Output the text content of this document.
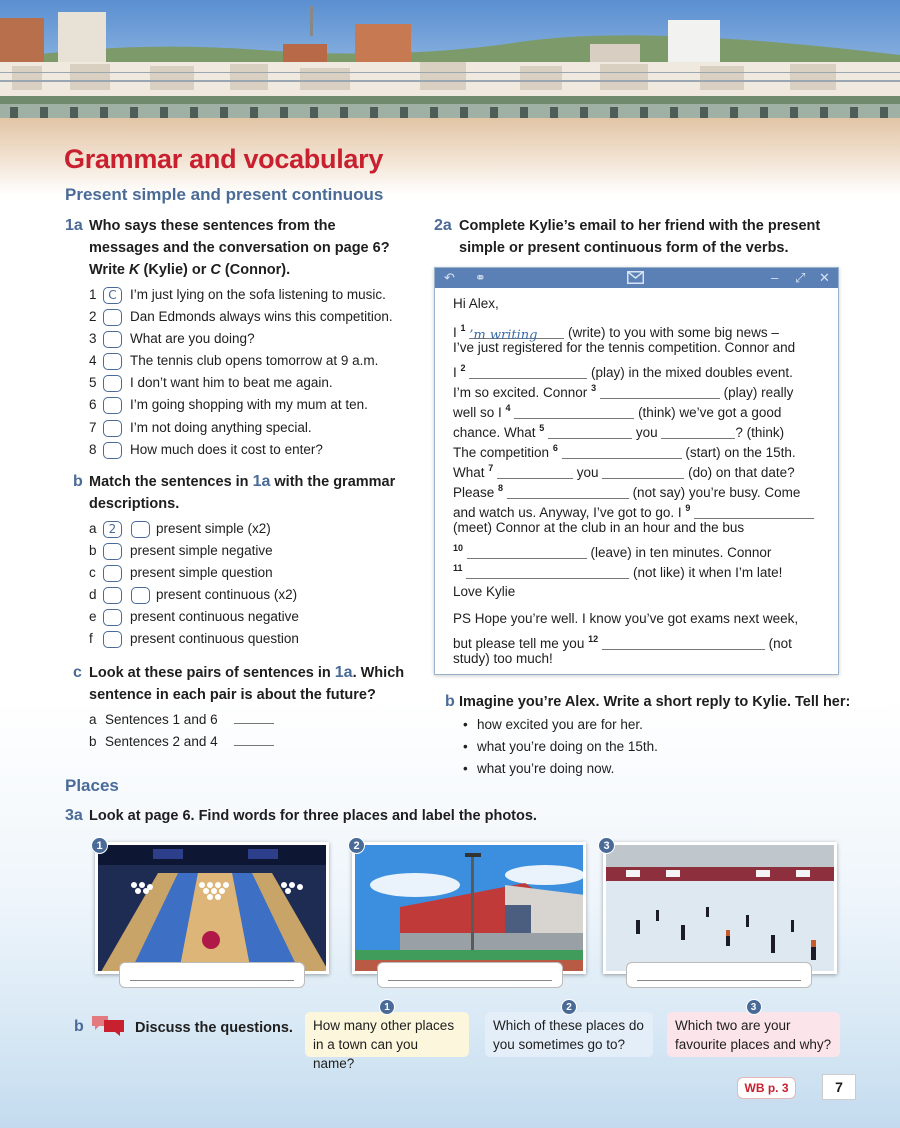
Grammar and vocabulary
Present simple and present continuous
1a Who says these sentences from the
messages and the conversation on page 6?
Write K (Kylie) or C (Connor).
1 C I’m just lying on the sofa listening to music.
2	Dan Edmonds always wins this competition.
3	What are you doing?
4	The tennis club opens tomorrow at 9 a.m.
5	I don’t want him to beat me again.
6	I’m going shopping with my mum at ten.
7	I’m not doing anything special.
8	How much does it cost to enter?
b Match the sentences in 1a with the grammar
descriptions.
a	2	present simple (x2)
b	present simple negative
c	present simple question
d	present continuous (x2)
e	present continuous negative
f	present continuous question
c Look at these pairs of sentences in 1a. Which
sentence in each pair is about the future?
a Sentences 1 and 6
b Sentences 2 and 4
2a Complete Kylie’s email to her friend with the present
simple or present continuous form of the verbs.
↶ ⚭	– ⤢ ✕
Hi Alex,
I $^1$ ’m writing (write) to you with some big news –
I’ve just registered for the tennis competition. Connor and
I $^2$	(play) in the mixed doubles event.
I’m so excited. Connor $^3$	(play) really
well so I $^4$	(think) we’ve got a good
chance. What $^5$	you	? (think)
The competition $^6$	(start) on the 15th.
What $^7$	you	(do) on that date?
Please $^8$	(not say) you’re busy. Come
and watch us. Anyway, I’ve got to go. I $^9$
(meet) Connor at the club in an hour and the bus
$^{10}$	(leave) in ten minutes. Connor
$^{11}$	(not like) it when I’m late!
Love Kylie
PS Hope you’re well. I know you’ve got exams next week,
but please tell me you $^{12}$	(not
study) too much!
b Imagine you’re Alex. Write a short reply to Kylie. Tell her:
• how excited you are for her.
• what you’re doing on the 15th.
• what you’re doing now.
Places
3a Look at page 6. Find words for three places and label the photos.
1	2	3
b	Discuss the questions.
1
How many other places
in a town can you name?
2
Which of these places do
you sometimes go to?
3
Which two are your
favourite places and why?
WB p. 3	7
